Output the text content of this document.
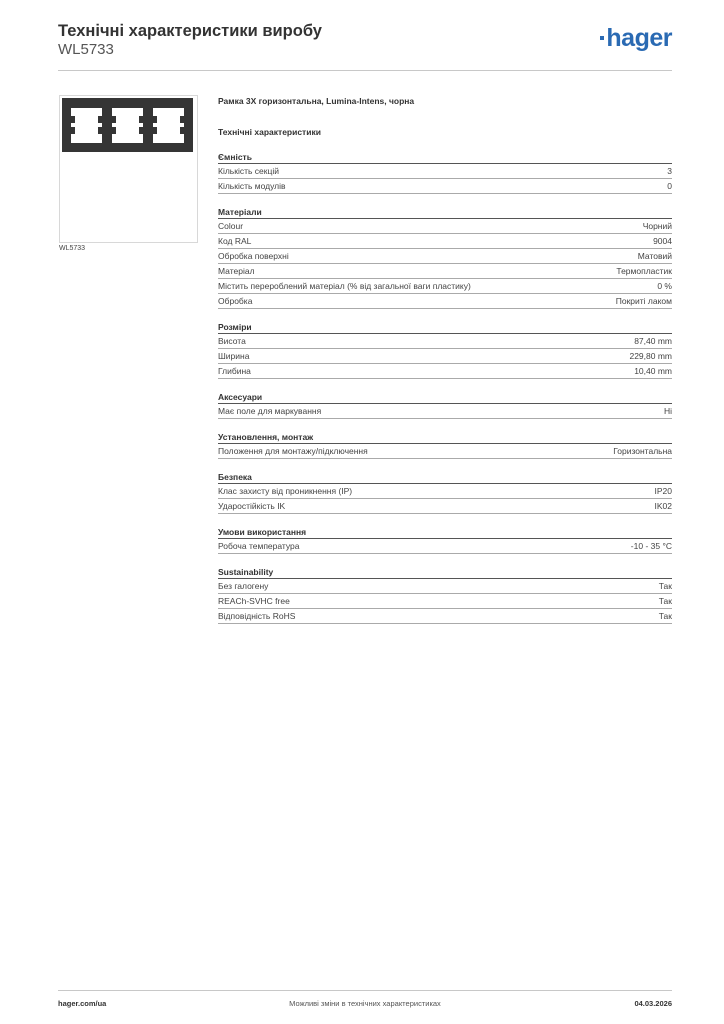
Технічні характеристики виробу
WL5733	hager
WL5733
Рамка 3Х горизонтальна, Lumina-Intens, чорна
Технічні характеристики
Ємність
Кількість секцій	3
Кількість модулів	0
Матеріали
Colour	Чорний
Код RAL	9004
Обробка поверхні	Матовий
Матеріал	Термопластик
Містить перероблений матеріал (% від загальної ваги пластику)	0 %
Обробка	Покриті лаком
Розміри
Висота	87,40 mm
Ширина	229,80 mm
Глибина	10,40 mm
Аксесуари
Має поле для маркування	Ні
Установлення, монтаж
Положення для монтажу/підключення	Горизонтальна
Безпека
Клас захисту від проникнення (IP)	IP20
Ударостійкість IK	IK02
Умови використання
Робоча температура	-10 - 35 °C
Sustainability
Без галогену	Так
REACh-SVHC free	Так
Відповідність RoHS	Так
hager.com/ua	Можливі зміни в технічних характеристиках	04.03.2026
